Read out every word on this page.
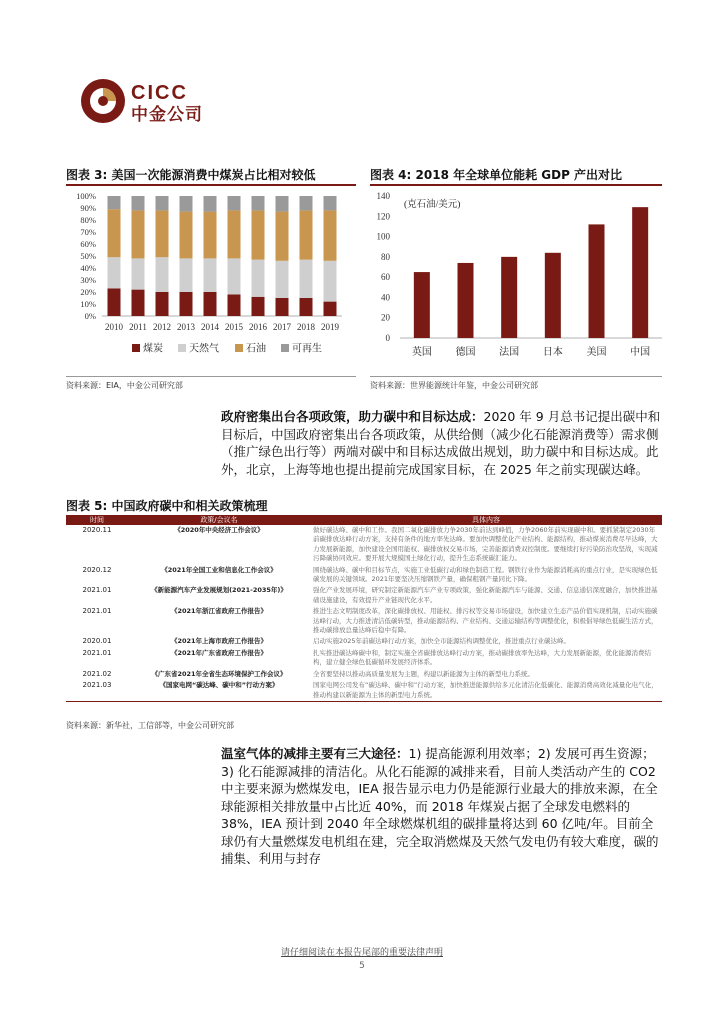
CICC
中金公司
图表 3: 美国一次能源消费中煤炭占比相对较低
0%
10%
20%
30%
40%
50%
60%
70%
80%
90%
100%
2010 2011 2012 2013 2014 2015 2016 2017 2018 2019
煤炭	天然气	石油	可再生
资料来源：EIA，中金公司研究部
图表 4: 2018 年全球单位能耗 GDP 产出对比
0
20
40
60
80
100
120
140
(克石油/美元)
英国 德国 法国 日本 美国 中国
资料来源：世界能源统计年鉴，中金公司研究部
政府密集出台各项政策，助力碳中和目标达成：2020 年 9 月总书记提出碳中和目标后，中国政府密集出台各项政策，从供给侧（减少化石能源消费等）需求侧（推广绿色出行等）两端对碳中和目标达成做出规划，助力碳中和目标达成。此外，北京，上海等地也提出提前完成国家目标，在 2025 年之前实现碳达峰。
图表 5: 中国政府碳中和相关政策梳理
时间	政策/会议名	具体内容
2020.11	《2020年中央经济工作会议》	做好碳达峰、碳中和工作。我国二氧化碳排放力争2030年前达到峰值，力争2060年前实现碳中和。要抓紧制定2030年前碳排放达峰行动方案，支持有条件的地方率先达峰。要加快调整优化产业结构、能源结构，推动煤炭消费尽早达峰，大力发展新能源，加快建设全国用能权、碳排放权交易市场，完善能源消费双控制度。要继续打好污染防治攻坚战，实现减污降碳协同效应。要开展大规模国土绿化行动，提升生态系统碳汇能力。
2020.12	《2021年全国工业和信息化工作会议》	围绕碳达峰、碳中和目标节点，实施工业低碳行动和绿色制造工程。钢铁行业作为能源消耗高的重点行业，是实现绿色低碳发展的关键领域。2021年要坚决压缩钢铁产量，确保粗钢产量同比下降。
2021.01	《新能源汽车产业发展规划(2021-2035年)》	强化产业发展环境，研究制定新能源汽车产业专项政策，强化新能源汽车与能源、交通、信息通信深度融合，加快推进基础设施建设，有效提升产业链现代化水平。
2021.01	《2021年浙江省政府工作报告》	推进生态文明制度改革，深化碳排放权、用能权、排污权等交易市场建设，加快建立生态产品价值实现机制，启动实施碳达峰行动，大力推进清洁低碳转型，推动能源结构、产业结构、交通运输结构等调整优化，积极倡导绿色低碳生活方式，推动碳排放总量达峰后稳中有降。
2020.01	《2021年上海市政府工作报告》	启动实施2025年前碳达峰行动方案，加快全市能源结构调整优化，推进重点行业碳达峰。
2021.01	《2021年广东省政府工作报告》	扎实推进碳达峰碳中和，制定实施全省碳排放达峰行动方案，推动碳排放率先达峰，大力发展新能源，优化能源消费结构，建立健全绿色低碳循环发展经济体系。
2021.02	《广东省2021年全省生态环境保护工作会议》	全省要坚持以推动高质量发展为主题，构建以新能源为主体的新型电力系统。
2021.03	《国家电网“碳达峰、碳中和”行动方案》	国家电网公司发布“碳达峰、碳中和”行动方案，加快推进能源供给多元化清洁化低碳化、能源消费高效化减量化电气化，推动构建以新能源为主体的新型电力系统。
资料来源：新华社，工信部等，中金公司研究部
温室气体的减排主要有三大途径：1) 提高能源利用效率；2) 发展可再生资源；3) 化石能源减排的清洁化。从化石能源的减排来看，目前人类活动产生的 CO2 中主要来源为燃煤发电，IEA 报告显示电力仍是能源行业最大的排放来源，在全球能源相关排放量中占比近 40%，而 2018 年煤炭占据了全球发电燃料的 38%，IEA 预计到 2040 年全球燃煤机组的碳排量将达到 60 亿吨/年。目前全球仍有大量燃煤发电机组在建，完全取消燃煤及天然气发电仍有较大难度，碳的捕集、利用与封存
请仔细阅读在本报告尾部的重要法律声明
5
